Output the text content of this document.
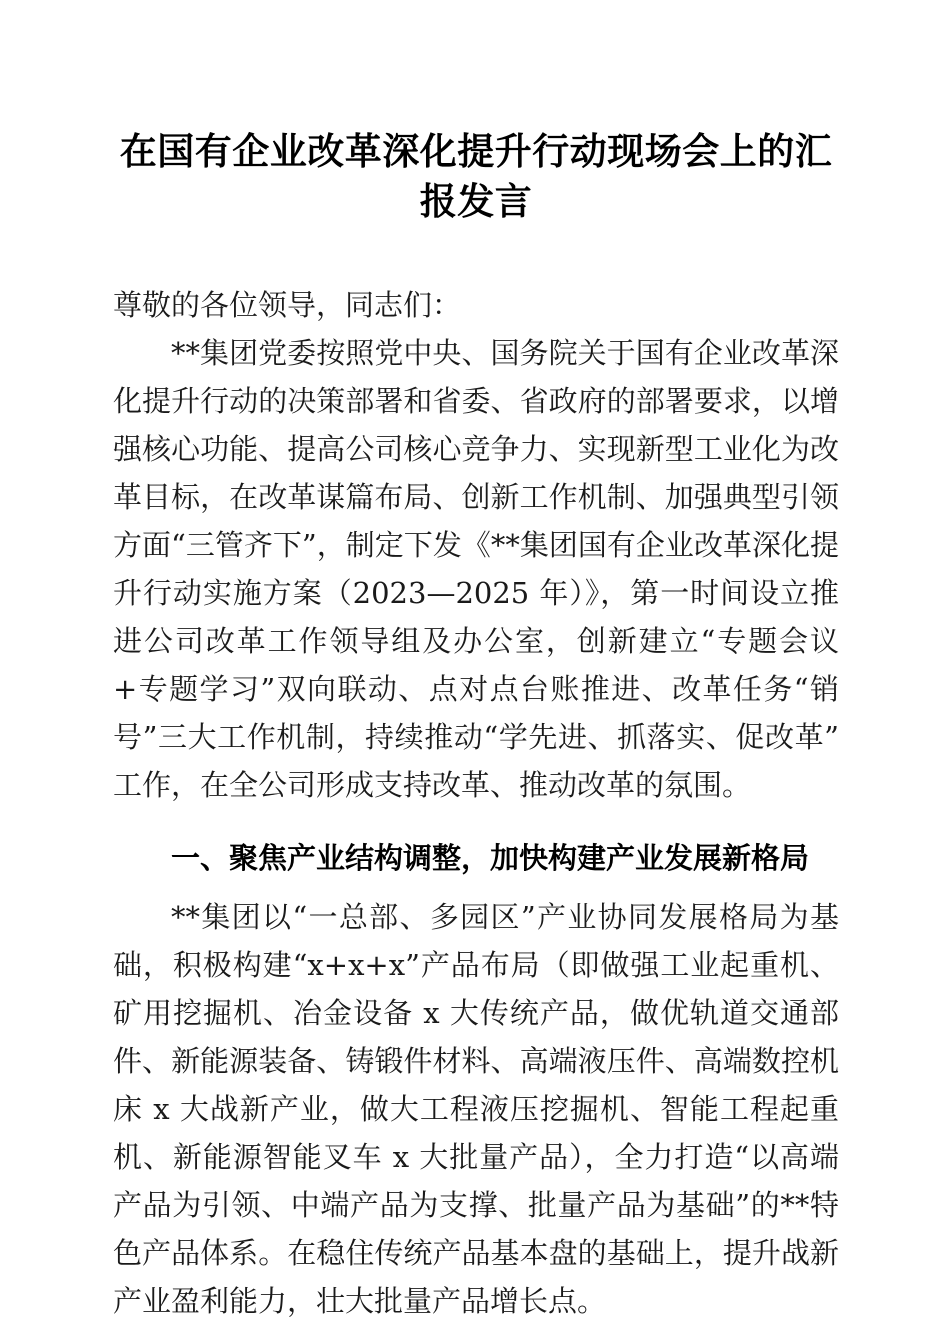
在国有企业改革深化提升行动现场会上的汇报发言

尊敬的各位领导，同志们：

**集团党委按照党中央、国务院关于国有企业改革深化提升行动的决策部署和省委、省政府的部署要求，以增强核心功能、提高公司核心竞争力、实现新型工业化为改革目标，在改革谋篇布局、创新工作机制、加强典型引领方面“三管齐下”，制定下发《**集团国有企业改革深化提升行动实施方案（2023—2025 年）》，第一时间设立推进公司改革工作领导组及办公室，创新建立“专题会议+专题学习”双向联动、点对点台账推进、改革任务“销号”三大工作机制，持续推动“学先进、抓落实、促改革”工作，在全公司形成支持改革、推动改革的氛围。

一、聚焦产业结构调整，加快构建产业发展新格局

**集团以“一总部、多园区”产业协同发展格局为基础，积极构建“x+x+x”产品布局（即做强工业起重机、矿用挖掘机、冶金设备 x 大传统产品，做优轨道交通部件、新能源装备、铸锻件材料、高端液压件、高端数控机床 x 大战新产业，做大工程液压挖掘机、智能工程起重机、新能源智能叉车 x 大批量产品），全力打造“以高端产品为引领、中端产品为支撑、批量产品为基础”的**特色产品体系。在稳住传统产品基本盘的基础上，提升战新产业盈利能力，壮大批量产品增长点。
